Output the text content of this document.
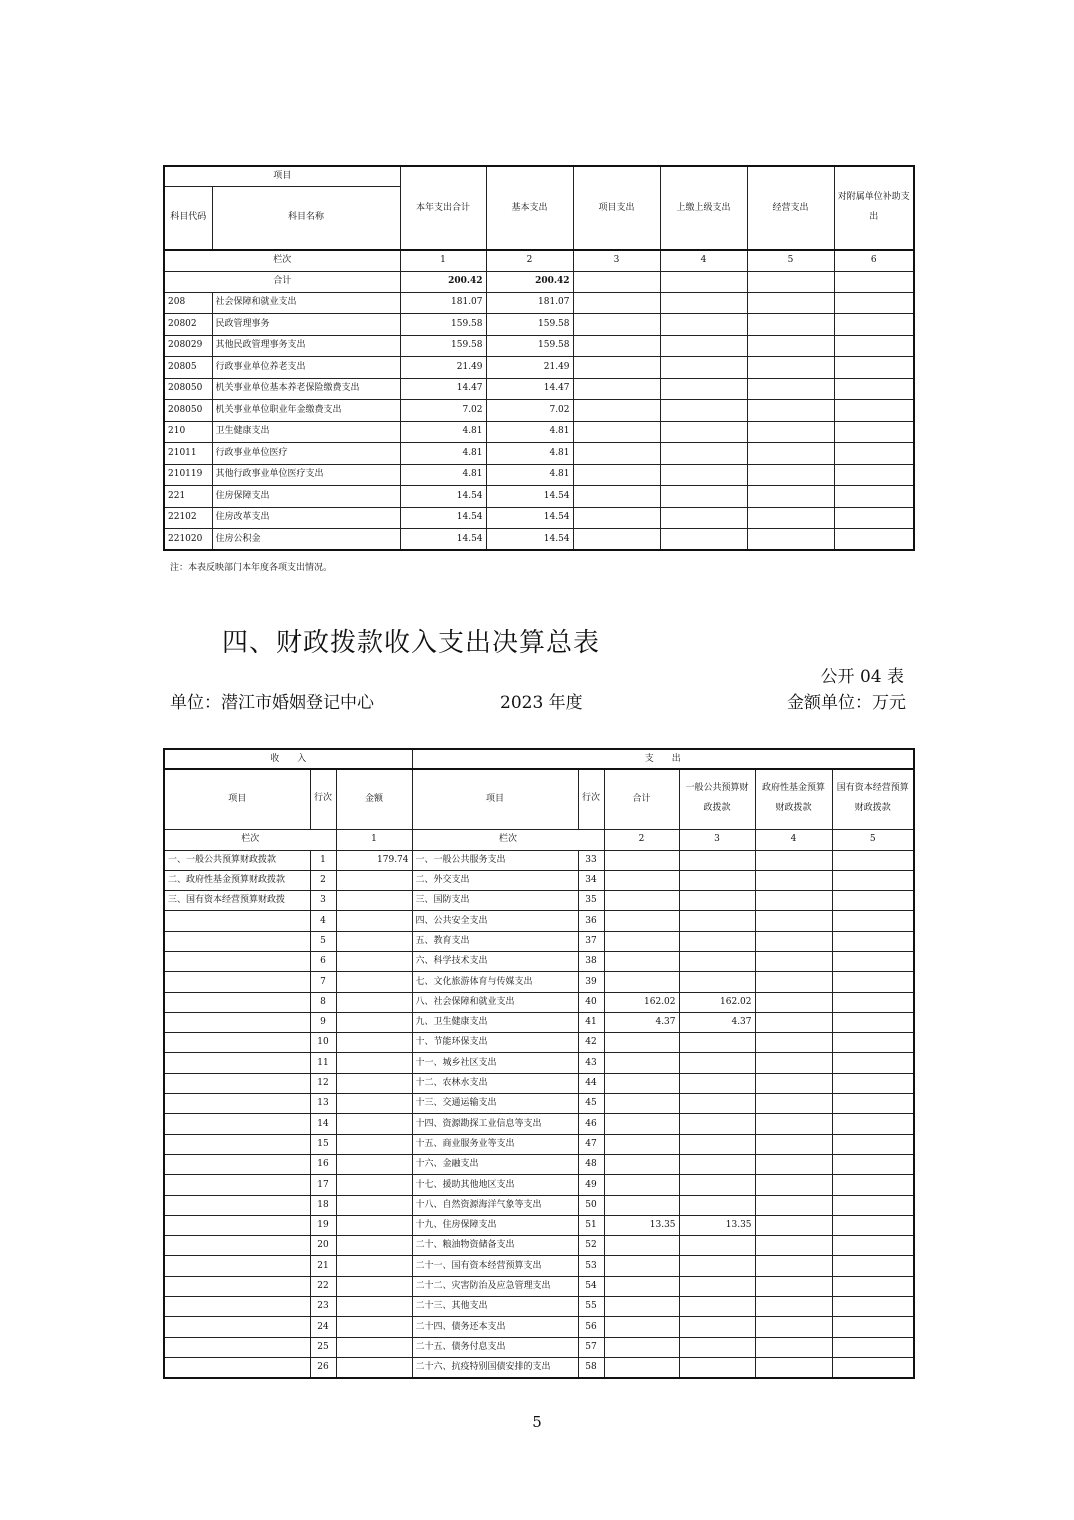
项目		本年支出合计	基本支出	项目支出	上缴上级支出	经营支出	对附属单位补助支出
科目代码	科目名称						
栏次		1	2	3	4	5	6
合计		200.42	200.42				
208	社会保障和就业支出	181.07	181.07				
20802	民政管理事务	159.58	159.58				
208029	其他民政管理事务支出	159.58	159.58				
20805	行政事业单位养老支出	21.49	21.49				
208050	机关事业单位基本养老保险缴费支出	14.47	14.47				
208050	机关事业单位职业年金缴费支出	7.02	7.02				
210	卫生健康支出	4.81	4.81				
21011	行政事业单位医疗	4.81	4.81				
210119	其他行政事业单位医疗支出	4.81	4.81				
221	住房保障支出	14.54	14.54				
22102	住房改革支出	14.54	14.54				
221020	住房公积金	14.54	14.54				
注：本表反映部门本年度各项支出情况。
四、财政拨款收入支出决算总表
公开 04 表
单位：潜江市婚姻登记中心	2023 年度	金额单位：万元
收　　入			支　　出					
项目	行次	金额	项目	行次	合计	一般公共预算财政拨款	政府性基金预算财政拨款	国有资本经营预算财政拨款
栏次		1	栏次		2	3	4	5
一、一般公共预算财政拨款	1	179.74	一、一般公共服务支出	33				
二、政府性基金预算财政拨款	2		二、外交支出	34				
三、国有资本经营预算财政拨	3		三、国防支出	35				
	4		四、公共安全支出	36				
	5		五、教育支出	37				
	6		六、科学技术支出	38				
	7		七、文化旅游体育与传媒支出	39				
	8		八、社会保障和就业支出	40	162.02	162.02		
	9		九、卫生健康支出	41	4.37	4.37		
	10		十、节能环保支出	42				
	11		十一、城乡社区支出	43				
	12		十二、农林水支出	44				
	13		十三、交通运输支出	45				
	14		十四、资源勘探工业信息等支出	46				
	15		十五、商业服务业等支出	47				
	16		十六、金融支出	48				
	17		十七、援助其他地区支出	49				
	18		十八、自然资源海洋气象等支出	50				
	19		十九、住房保障支出	51	13.35	13.35		
	20		二十、粮油物资储备支出	52				
	21		二十一、国有资本经营预算支出	53				
	22		二十二、灾害防治及应急管理支出	54				
	23		二十三、其他支出	55				
	24		二十四、债务还本支出	56				
	25		二十五、债务付息支出	57				
	26		二十六、抗疫特别国债安排的支出	58				
5
